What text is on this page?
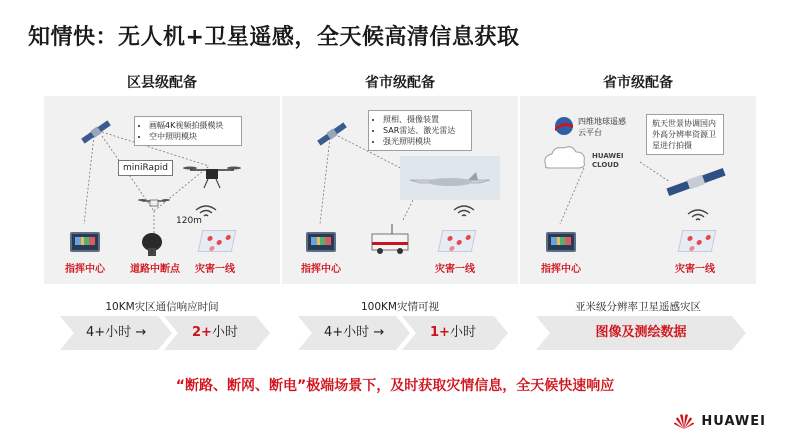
知情快：无人机+卫星遥感，全天候高清信息获取
区县级配备
• 画幅4K视频拍摄模块
• 空中照明模块
miniRapid
120m
指挥中心	道路中断点 灾害一线
10KM灾区通信响应时间
4+小时 →	2+小时
省市级配备
• 照相、摄像装置
• SAR雷达、激光雷达
• 强光照明模块
指挥中心	灾害一线
100KM灾情可视
4+小时 →	1+小时
省市级配备
四维地球遥感
云平台
HUAWEI
CLOUD
航天世景协调国内外高分辨率资源卫星进行拍摄
指挥中心	灾害一线
亚米级分辨率卫星遥感灾区
图像及测绘数据
“断路、断网、断电”极端场景下，及时获取灾情信息，全天候快速响应
HUAWEI
